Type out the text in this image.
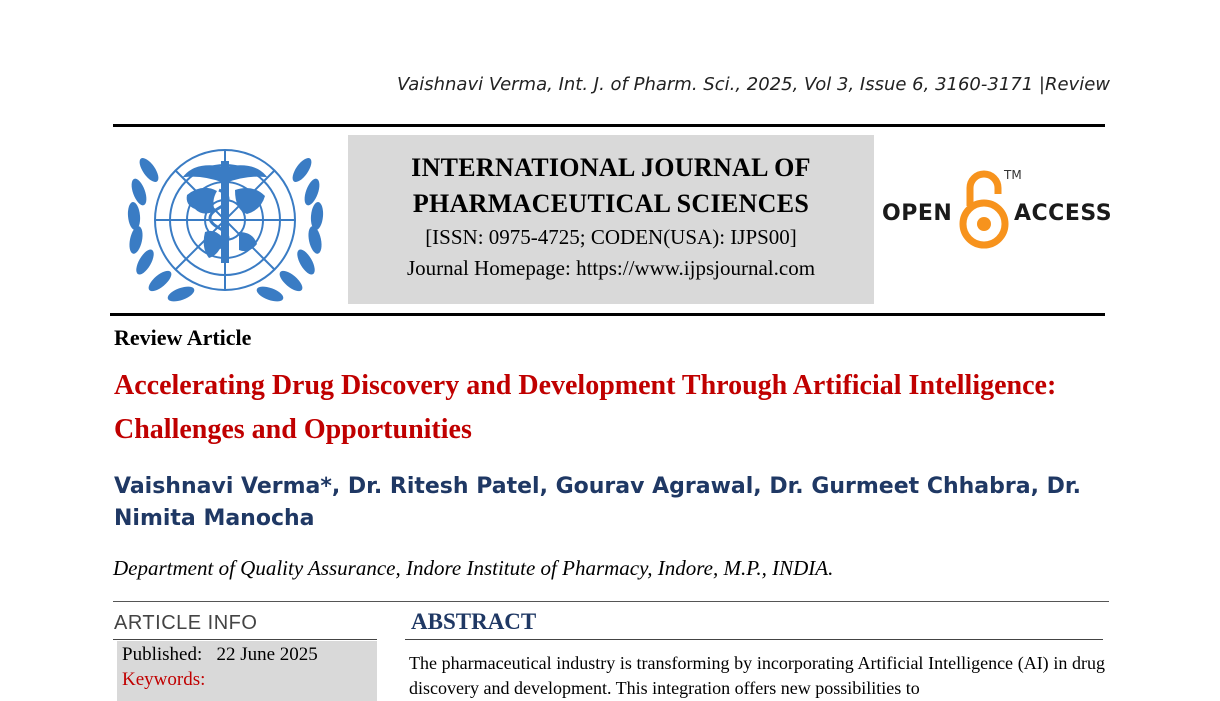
Vaishnavi Verma, Int. J. of Pharm. Sci., 2025, Vol 3, Issue 6, 3160-3171 |Review
INTERNATIONAL JOURNAL OF
PHARMACEUTICAL SCIENCES
[ISSN: 0975-4725; CODEN(USA): IJPS00]
Journal Homepage: https://www.ijpsjournal.com
OPEN	ACCESS
TM
Review Article
Accelerating Drug Discovery and Development Through Artificial Intelligence: Challenges and Opportunities
Vaishnavi Verma*, Dr. Ritesh Patel, Gourav Agrawal, Dr. Gurmeet Chhabra, Dr. Nimita Manocha
Department of Quality Assurance, Indore Institute of Pharmacy, Indore, M.P., INDIA.
ARTICLE INFO
Published: 22 June 2025
Keywords:
ABSTRACT
The pharmaceutical industry is transforming by incorporating Artificial Intelligence (AI) in drug discovery and development. This integration offers new possibilities to
